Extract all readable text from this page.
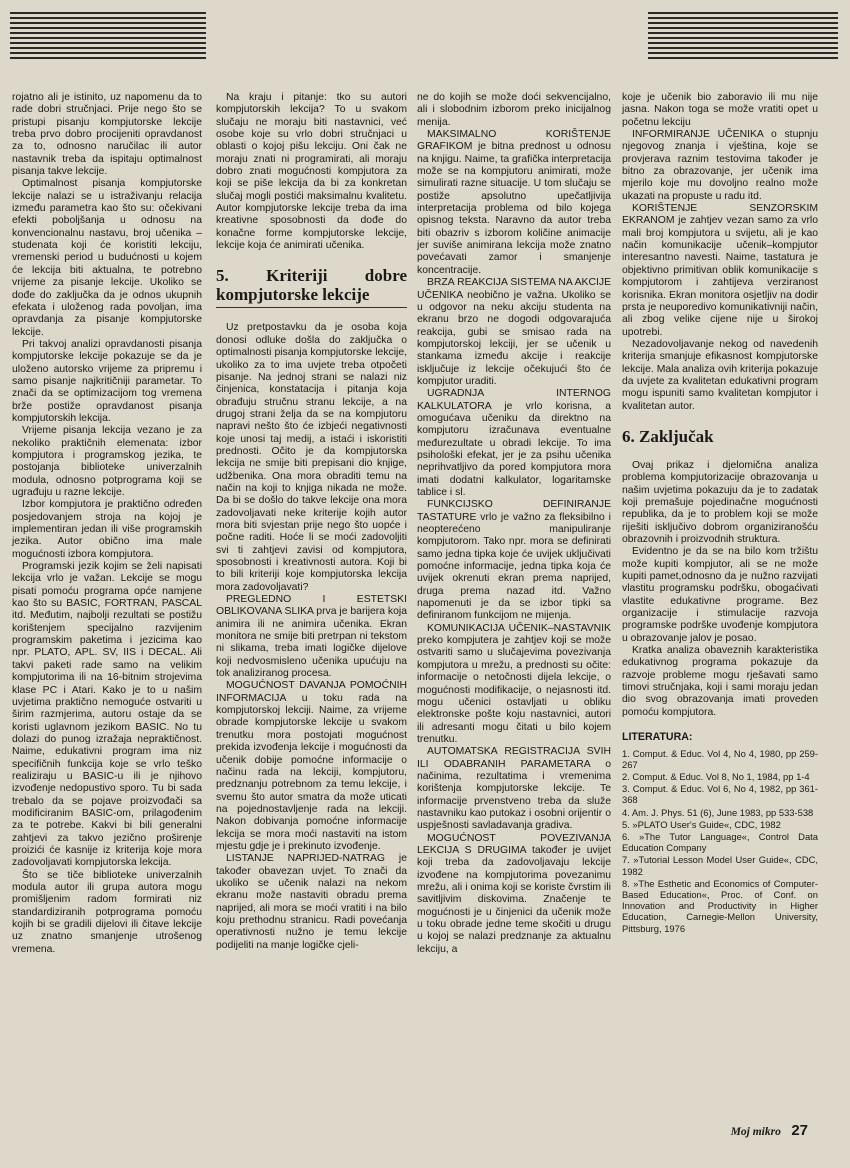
rojatno ali je istinito, uz napomenu da to rade dobri stručnjaci. Prije nego što se pristupi pisanju kompjutorske lekcije treba prvo dobro procijeniti opravdanost za to, odnosno naručilac ili autor nastavnik treba da ispitaju optimalnost pisanja takve lekcije.

Optimalnost pisanja kompjutorske lekcije nalazi se u istraživanju relacija između parametra kao što su: očekivani efekti poboljšanja u odnosu na konvencionalnu nastavu, broj učenika – studenata koji će koristiti lekciju, vremenski period u budućnosti u kojem će lekcija biti aktualna, te potrebno vrijeme za pisanje lekcije. Ukoliko se dođe do zaključka da je odnos ukupnih efekata i uloženog rada povoljan, ima opravdanja za pisanje kompjutorske lekcije.

Pri takvoj analizi opravdanosti pisanja kompjutorske lekcije pokazuje se da je uloženo autorsko vrijeme za pripremu i samo pisanje najkritičniji parametar. To znači da se optimizacijom tog vremena brže postiže opravdanost pisanja kompjutorskih lekcija.

Vrijeme pisanja lekcija vezano je za nekoliko praktičnih elemenata: izbor kompjutora i programskog jezika, te postojanja biblioteke univerzalnih modula, odnosno potprograma koji se ugrađuju u razne lekcije.

Izbor kompjutora je praktično određen posjedovanjem stroja na kojoj je implementiran jedan ili više programskih jezika. Autor obično ima male mogućnosti izbora kompjutora.

Programski jezik kojim se želi napisati lekcija vrlo je važan. Lekcije se mogu pisati pomoću programa opće namjene kao što su BASIC, FORTRAN, PASCAL itd. Međutim, najbolji rezultati se postižu korištenjem specijalno razvijenim programskim paketima i jezicima kao npr. PLATO, APL. SV, IIS i DECAL. Ali takvi paketi rade samo na velikim kompjutorima ili na 16-bitnim strojevima klase PC i Atari. Kako je to u našim uvjetima praktično nemoguće ostvariti u širim razmjerima, autoru ostaje da se koristi uglavnom jezikom BASIC. No tu dolazi do punog izražaja nepraktičnost. Naime, edukativni program ima niz specifičnih funkcija koje se vrlo teško realiziraju u BASIC-u ili je njihovo izvođenje nedopustivo sporo. Tu bi sada trebalo da se pojave proizvođači sa modificiranim BASIC-om, prilagođenim za te potrebe. Kakvi bi bili generalni zahtjevi za takvo jezično proširenje proizići će kasnije iz kriterija koje mora zadovoljavati kompjutorska lekcija.

Što se tiče biblioteke univerzalnih modula autor ili grupa autora mogu promišljenim radom formirati niz standardiziranih potprograma pomoću kojih bi se gradili dijelovi ili čitave lekcije uz znatno smanjenje utrošenog vremena.

Na kraju i pitanje: tko su autori kompjutorskih lekcija? To u svakom slučaju ne moraju biti nastavnici, već osobe koje su vrlo dobri stručnjaci u oblasti o kojoj pišu lekciju. Oni čak ne moraju znati ni programirati, ali moraju dobro znati mogućnosti kompjutora za koji se piše lekcija da bi za konkretan slučaj mogli postići maksimalnu kvalitetu. Autor kompjutorske lekcije treba da ima kreativne sposobnosti da dođe do konačne forme kompjutorske lekcije, lekcije koja će animirati učenika.

5. Kriteriji dobre kompjutorske lekcije

Uz pretpostavku da je osoba koja donosi odluke došla do zaključka o optimalnosti pisanja kompjutorske lekcije, ukoliko za to ima uvjete treba otpočeti pisanje. Na jednoj strani se nalazi niz činjenica, konstatacija i pitanja koja obrađuju stručnu stranu lekcije, a na drugoj strani želja da se na kompjutoru napravi nešto što će izbjeći negativnosti koje unosi taj medij, a istaći i iskoristiti prednosti. Očito je da kompjutorska lekcija ne smije biti prepisani dio knjige, udžbenika. Ona mora obraditi temu na način na koji to knjiga nikada ne može. Da bi se došlo do takve lekcije ona mora zadovoljavati neke kriterije kojih autor mora biti svjestan prije nego što uopće i počne raditi. Hoće li se moći zadovoljiti svi ti zahtjevi zavisi od kompjutora, sposobnosti i kreativnosti autora. Koji bi to bili kriteriji koje kompjutorska lekcija mora zadovoljavati?

PREGLEDNO I ESTETSKI OBLIKOVANA SLIKA prva je barijera koja animira ili ne animira učenika. Ekran monitora ne smije biti pretrpan ni tekstom ni slikama, treba imati logičke dijelove koji nedvosmisleno učenika upućuju na tok analiziranog procesa.

MOGUĆNOST DAVANJA POMOĆNIH INFORMACIJA u toku rada na kompjutorskoj lekciji. Naime, za vrijeme obrade kompjutorske lekcije u svakom trenutku mora postojati mogućnost prekida izvođenja lekcije i mogućnosti da učenik dobije pomoćne informacije o načinu rada na lekciji, kompjutoru, predznanju potrebnom za temu lekcije, i svemu što autor smatra da može uticati na pojednostavljenje rada na lekciji. Nakon dobivanja pomoćne informacije lekcija se mora moći nastaviti na istom mjestu gdje je i prekinuto izvođenje.

LISTANJE NAPRIJED-NATRAG je također obavezan uvjet. To znači da ukoliko se učenik nalazi na nekom ekranu može nastaviti obradu prema naprijed, ali mora se moći vratiti i na bilo koju prethodnu stranicu. Radi povećanja operativnosti nužno je temu lekcije podijeliti na manje logičke cjeli-

ne do kojih se može doći sekvencijalno, ali i slobodnim izborom preko inicijalnog menija.

MAKSIMALNO KORIŠTENJE GRAFIKOM je bitna prednost u odnosu na knjigu. Naime, ta grafička interpretacija može se na kompjutoru animirati, može simulirati razne situacije. U tom slučaju se postiže apsolutno upečatljivija interpretacija problema od bilo kojega opisnog teksta. Naravno da autor treba biti obazriv s izborom količine animacije jer suviše animirana lekcija može znatno povećavati zamor i smanjenje koncentracije.

BRZA REAKCIJA SISTEMA NA AKCIJE UČENIKA neobično je važna. Ukoliko se u odgovor na neku akciju studenta na ekranu brzo ne dogodi odgovarajuća reakcija, gubi se smisao rada na kompjutorskoj lekciji, jer se učenik u stankama između akcije i reakcije isključuje iz lekcije očekujući što će kompjutor uraditi.

UGRADNJA INTERNOG KALKULATORA je vrlo korisna, a omogućava učeniku da direktno na kompjutoru izračunava eventualne međurezultate u obradi lekcije. To ima psihološki efekat, jer je za psihu učenika neprihvatljivo da pored kompjutora mora imati dodatni kalkulator, logaritamske tablice i sl.

FUNKCIJSKO DEFINIRANJE TASTATURE vrlo je važno za fleksibilno i neopterećeno manipuliranje kompjutorom. Tako npr. mora se definirati samo jedna tipka koje će uvijek uključivati pomoćne informacije, jedna tipka koja će uvijek okrenuti ekran prema naprijed, druga prema nazad itd. Važno napomenuti je da se izbor tipki sa definiranom funkcijom ne mijenja.

KOMUNIKACIJA UČENIK–NASTAVNIK preko kompjutera je zahtjev koji se može ostvariti samo u slučajevima povezivanja kompjutora u mrežu, a prednosti su očite: informacije o netočnosti dijela lekcije, o mogućnosti modifikacije, o nejasnosti itd. mogu učenici ostavljati u obliku elektronske pošte koju nastavnici, autori ili adresanti mogu čitati u bilo kojem trenutku.

AUTOMATSKA REGISTRACIJA SVIH ILI ODABRANIH PARAMETARA o načinima, rezultatima i vremenima korištenja kompjutorske lekcije. Te informacije prvenstveno treba da služe nastavniku kao putokaz i osobni orijentir o uspješnosti savladavanja gradiva.

MOGUĆNOST POVEZIVANJA LEKCIJA S DRUGIMA također je uvijet koji treba da zadovoljavaju lekcije izvođene na kompjutorima povezanimu mrežu, ali i onima koji se koriste čvrstim ili savitljivim diskovima. Značenje te mogućnosti je u činjenici da učenik može u toku obrade jedne teme skočiti u drugu u kojoj se nalazi predznanje za aktualnu lekciju, a

koje je učenik bio zaboravio ili mu nije jasna. Nakon toga se može vratiti opet u početnu lekciju

INFORMIRANJE UČENIKA o stupnju njegovog znanja i vještina, koje se provjerava raznim testovima također je bitno za obrazovanje, jer učenik ima mjerilo koje mu dovoljno realno može ukazati na propuste u radu itd.

KORIŠTENJE SENZORSKIM EKRANOM je zahtjev vezan samo za vrlo mali broj kompjutora u svijetu, ali je kao način komunikacije učenik–kompjutor interesantno navesti. Naime, tastatura je objektivno primitivan oblik komunikacije s kompjutorom i zahtijeva verziranost korisnika. Ekran monitora osjetljiv na dodir prsta je neuporedivo komunikativniji način, ali zbog velike cijene nije u širokoj upotrebi.

Nezadovoljavanje nekog od navedenih kriterija smanjuje efikasnost kompjutorske lekcije. Mala analiza ovih kriterija pokazuje da uvjete za kvalitetan edukativni program mogu ispuniti samo kvalitetan kompjutor i kvalitetan autor.

6. Zaključak

Ovaj prikaz i djelomična analiza problema kompjutorizacije obrazovanja u našim uvjetima pokazuju da je to zadatak koji premašuje pojedinačne mogućnosti republika, da je to problem koji se može riješiti isključivo dobrom organiziranošću obrazovnih i proizvodnih struktura.

Evidentno je da se na bilo kom tržištu može kupiti kompjutor, ali se ne može kupiti pamet,odnosno da je nužno razvijati vlastitu programsku podršku, obogaćivati vlastite edukativne programe. Bez organizacije i stimulacije razvoja programske podrške uvođenje kompjutora u obrazovanje jalov je posao.

Kratka analiza obaveznih karakteristika edukativnog programa pokazuje da razvoje probleme mogu rješavati samo timovi stručnjaka, koji i sami moraju jedan dio svog obrazovanja imati proveden pomoću kompjutora.

LITERATURA:
1. Comput. & Educ. Vol 4, No 4, 1980, pp 259-267
2. Comput. & Educ. Vol 8, No 1, 1984, pp 1-4
3. Comput. & Educ. Vol 6, No 4, 1982, pp 361-368
4. Am. J. Phys. 51 (6), June 1983, pp 533-538
5. »PLATO User's Guide«, CDC, 1982
6. »The Tutor Language«, Control Data Education Company
7. »Tutorial Lesson Model User Guide«, CDC, 1982
8. »The Esthetic and Economics of Computer-Based Education«, Proc. of Conf. on Innovation and Productivity in Higher Education, Carnegie-Mellon University, Pittsburg, 1976
Moj mikro 27
